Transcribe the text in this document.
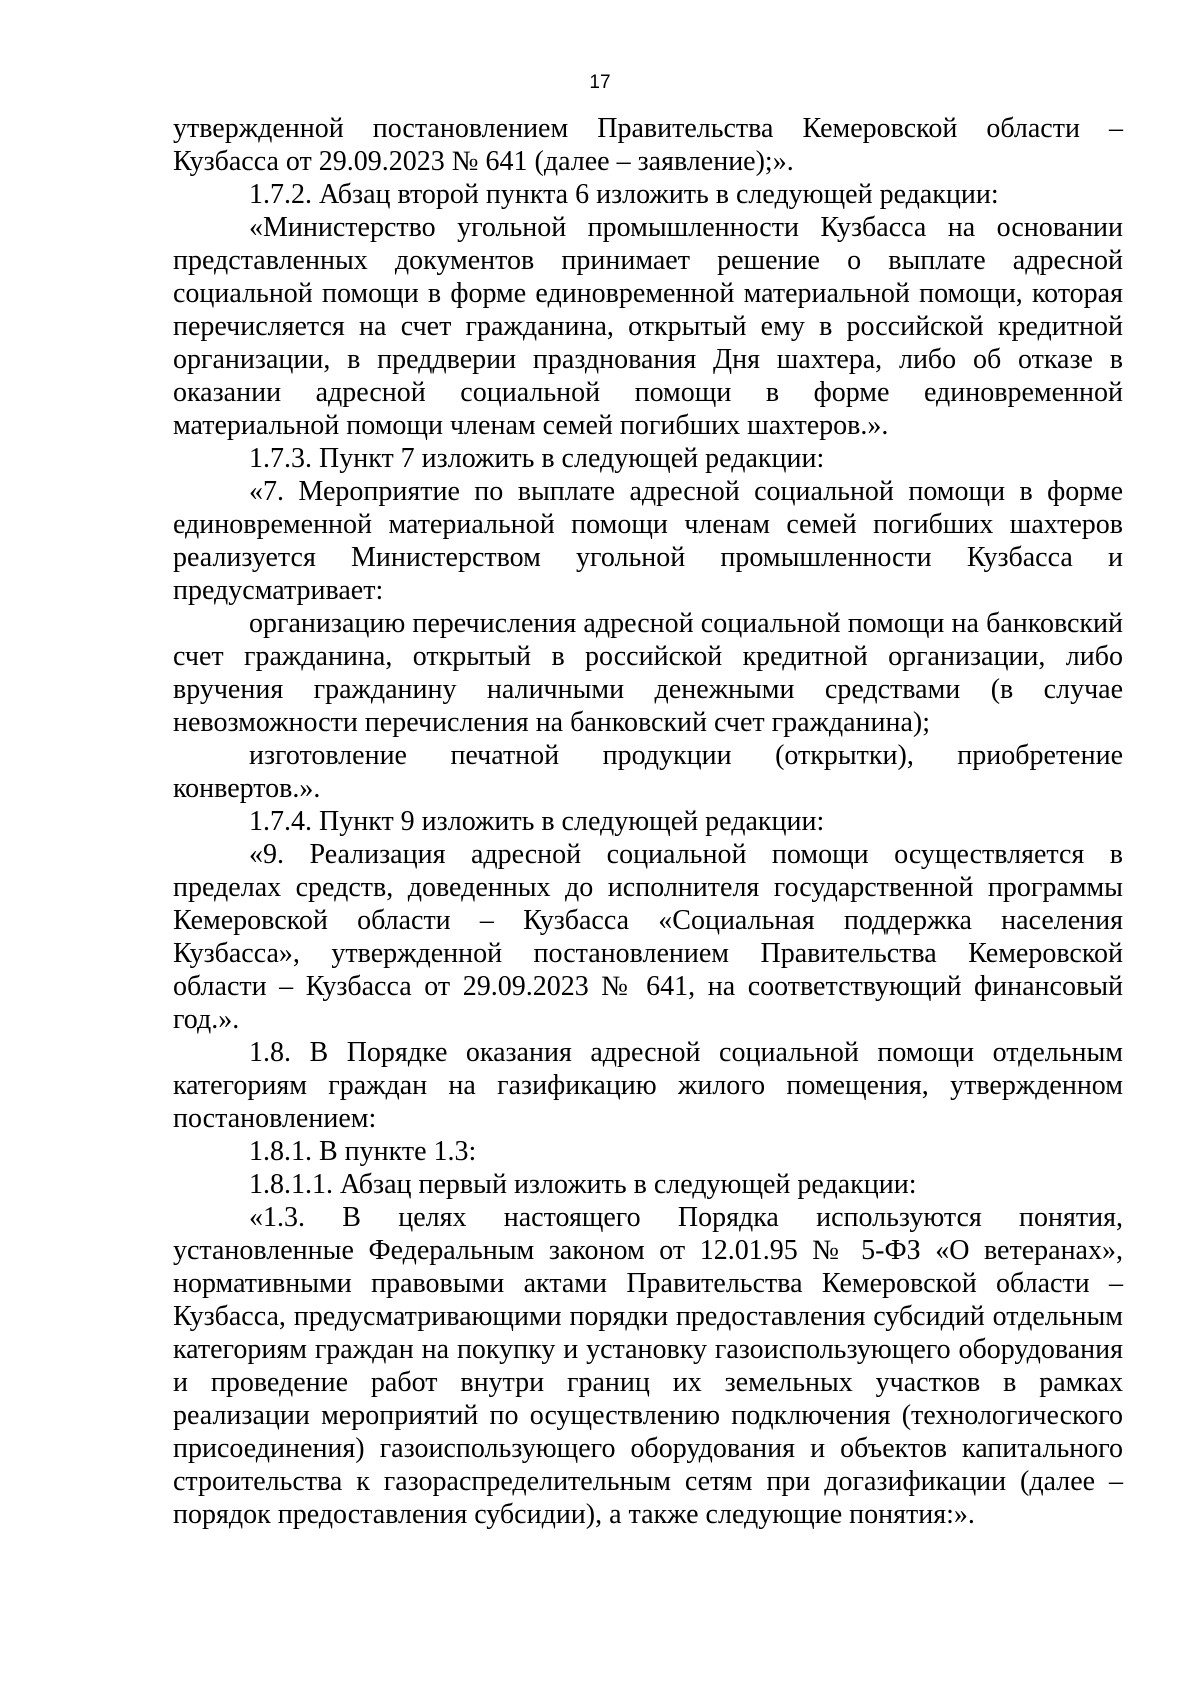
17

утвержденной постановлением Правительства Кемеровской области – Кузбасса от 29.09.2023 № 641 (далее – заявление);».

1.7.2. Абзац второй пункта 6 изложить в следующей редакции:

«Министерство угольной промышленности Кузбасса на основании представленных документов принимает решение о выплате адресной социальной помощи в форме единовременной материальной помощи, которая перечисляется на счет гражданина, открытый ему в российской кредитной организации, в преддверии празднования Дня шахтера, либо об отказе в оказании адресной социальной помощи в форме единовременной материальной помощи членам семей погибших шахтеров.».

1.7.3. Пункт 7 изложить в следующей редакции:

«7. Мероприятие по выплате адресной социальной помощи в форме единовременной материальной помощи членам семей погибших шахтеров реализуется Министерством угольной промышленности Кузбасса и предусматривает:

организацию перечисления адресной социальной помощи на банковский счет гражданина, открытый в российской кредитной организации, либо вручения гражданину наличными денежными средствами (в случае невозможности перечисления на банковский счет гражданина);

изготовление печатной продукции (открытки), приобретение конвертов.».

1.7.4. Пункт 9 изложить в следующей редакции:

«9. Реализация адресной социальной помощи осуществляется в пределах средств, доведенных до исполнителя государственной программы Кемеровской области – Кузбасса «Социальная поддержка населения Кузбасса», утвержденной постановлением Правительства Кемеровской области – Кузбасса от 29.09.2023 № 641, на соответствующий финансовый год.».

1.8. В Порядке оказания адресной социальной помощи отдельным категориям граждан на газификацию жилого помещения, утвержденном постановлением:

1.8.1. В пункте 1.3:

1.8.1.1. Абзац первый изложить в следующей редакции:

«1.3. В целях настоящего Порядка используются понятия, установленные Федеральным законом от 12.01.95 № 5-ФЗ «О ветеранах», нормативными правовыми актами Правительства Кемеровской области – Кузбасса, предусматривающими порядки предоставления субсидий отдельным категориям граждан на покупку и установку газоиспользующего оборудования и проведение работ внутри границ их земельных участков в рамках реализации мероприятий по осуществлению подключения (технологического присоединения) газоиспользующего оборудования и объектов капитального строительства к газораспределительным сетям при догазификации (далее – порядок предоставления субсидии), а также следующие понятия:».
